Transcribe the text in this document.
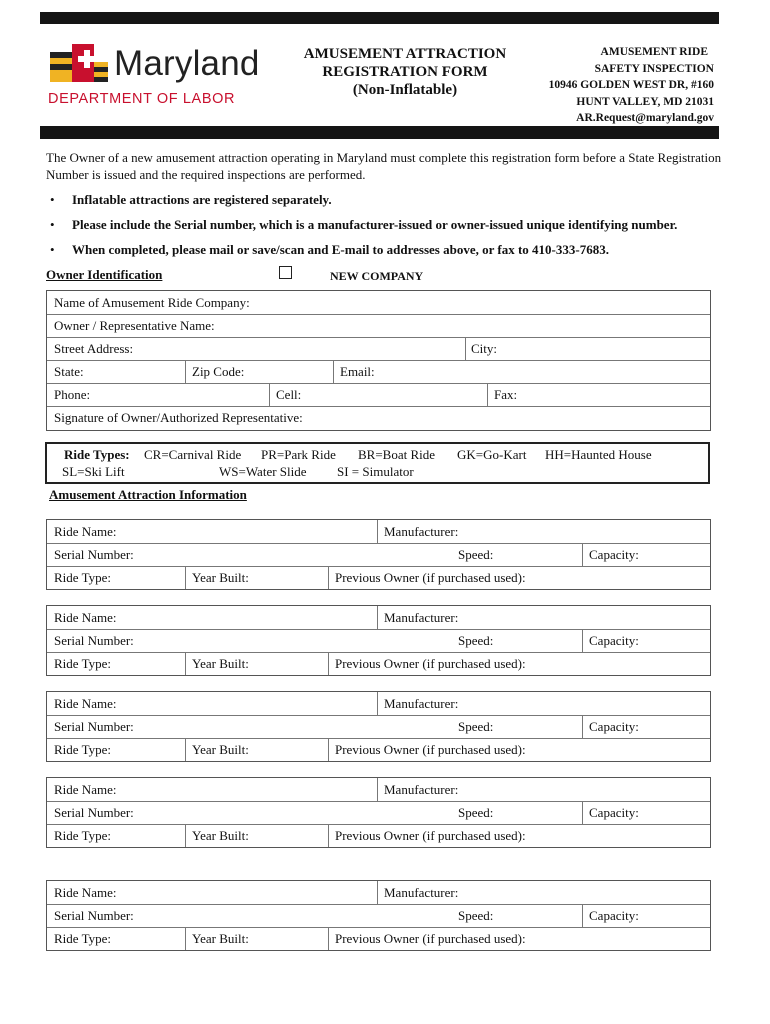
Maryland
DEPARTMENT OF LABOR
AMUSEMENT ATTRACTION
REGISTRATION FORM
(Non-Inflatable)
AMUSEMENT RIDE
SAFETY INSPECTION
10946 GOLDEN WEST DR, #160
HUNT VALLEY, MD 21031
AR.Request@maryland.gov
The Owner of a new amusement attraction operating in Maryland must complete this registration form before a State Registration Number is issued and the required inspections are performed.
• Inflatable attractions are registered separately.
• Please include the Serial number, which is a manufacturer-issued or owner-issued unique identifying number.
• When completed, please mail or save/scan and E-mail to addresses above, or fax to 410-333-7683.
Owner Identification	NEW COMPANY
Name of Amusement Ride Company:
Owner / Representative Name:
Street Address:	City:
State:	Zip Code:	Email:
Phone:	Cell:	Fax:
Signature of Owner/Authorized Representative:
Ride Types: CR=Carnival Ride PR=Park Ride BR=Boat Ride GK=Go-Kart HH=Haunted House
SL=Ski Lift	WS=Water Slide SI = Simulator
Amusement Attraction Information
Ride Name:	Manufacturer:
Serial Number:	Speed:	Capacity:
Ride Type:	Year Built:	Previous Owner (if purchased used):
Ride Name:	Manufacturer:
Serial Number:	Speed:	Capacity:
Ride Type:	Year Built:	Previous Owner (if purchased used):
Ride Name:	Manufacturer:
Serial Number:	Speed:	Capacity:
Ride Type:	Year Built:	Previous Owner (if purchased used):
Ride Name:	Manufacturer:
Serial Number:	Speed:	Capacity:
Ride Type:	Year Built:	Previous Owner (if purchased used):
Ride Name:	Manufacturer:
Serial Number:	Speed:	Capacity:
Ride Type:	Year Built:	Previous Owner (if purchased used):
